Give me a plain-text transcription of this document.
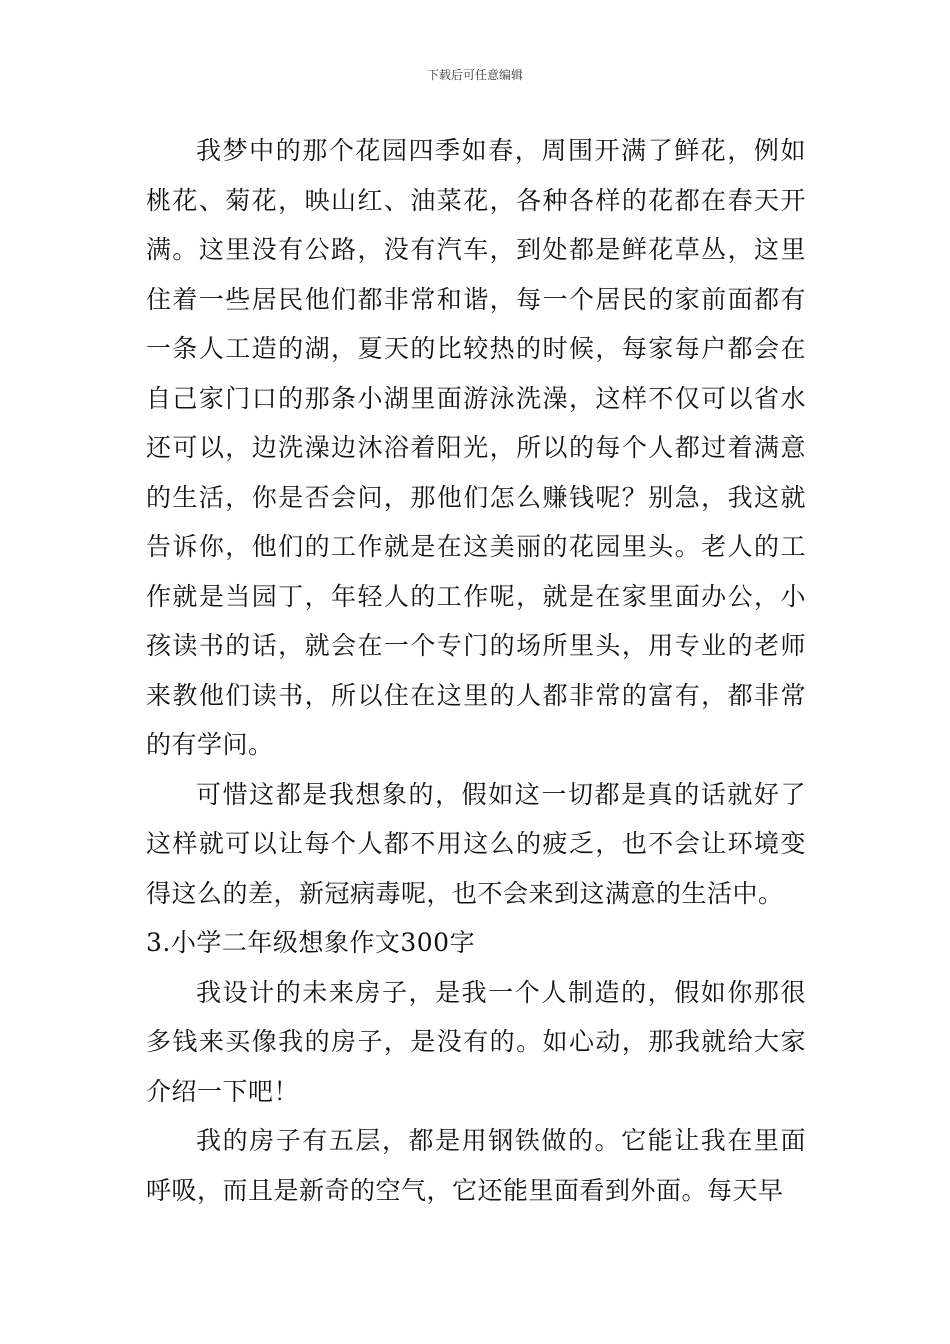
下载后可任意编辑

我梦中的那个花园四季如春，周围开满了鲜花，例如桃花、菊花，映山红、油菜花，各种各样的花都在春天开满。这里没有公路，没有汽车，到处都是鲜花草丛，这里住着一些居民他们都非常和谐，每一个居民的家前面都有一条人工造的湖，夏天的比较热的时候，每家每户都会在自己家门口的那条小湖里面游泳洗澡，这样不仅可以省水还可以，边洗澡边沐浴着阳光，所以的每个人都过着满意的生活，你是否会问，那他们怎么赚钱呢？别急，我这就告诉你，他们的工作就是在这美丽的花园里头。老人的工作就是当园丁，年轻人的工作呢，就是在家里面办公，小孩读书的话，就会在一个专门的场所里头，用专业的老师来教他们读书，所以住在这里的人都非常的富有，都非常的有学问。

可惜这都是我想象的，假如这一切都是真的话就好了这样就可以让每个人都不用这么的疲乏，也不会让环境变得这么的差，新冠病毒呢，也不会来到这满意的生活中。

3.小学二年级想象作文300字

我设计的未来房子，是我一个人制造的，假如你那很多钱来买像我的房子，是没有的。如心动，那我就给大家介绍一下吧！

我的房子有五层，都是用钢铁做的。它能让我在里面呼吸，而且是新奇的空气，它还能里面看到外面。每天早
